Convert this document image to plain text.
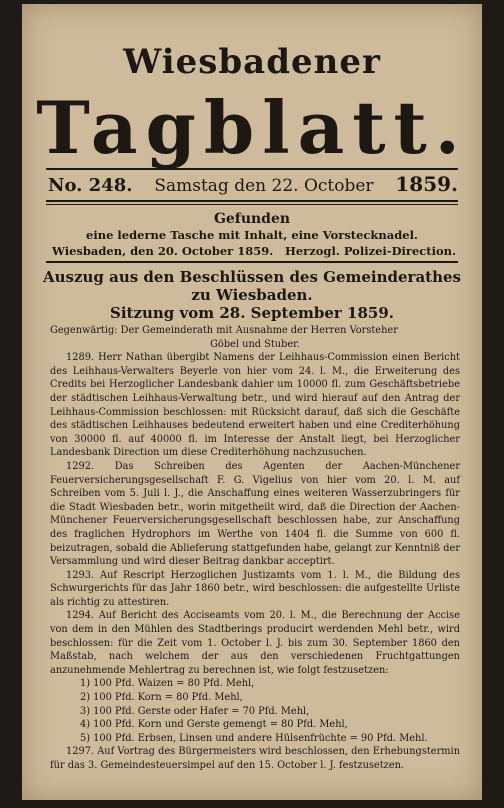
Wiesbadener
Tagblatt.
No. 248. Samstag den 22. October 1859.
Gefunden
eine lederne Tasche mit Inhalt, eine Vorstecknadel.
Wiesbaden, den 20. October 1859. Herzogl. Polizei-Direction.
Auszug aus den Beschlüssen des Gemeinderathes zu Wiesbaden.
Sitzung vom 28. September 1859.

Gegenwärtig: Der Gemeinderath mit Ausnahme der Herren Vorsteher

Göbel und Stuber.

1289. Herr Nathan übergibt Namens der Leihhaus-Commission einen Bericht des Leihhaus-Verwalters Beyerle von hier vom 24. l. M., die Erweiterung des Credits bei Herzoglicher Landesbank dahier um 10000 fl. zum Geschäftsbetriebe der städtischen Leihhaus-Verwaltung betr., und wird hierauf auf den Antrag der Leihhaus-Commission beschlossen: mit Rücksicht darauf, daß sich die Geschäfte des städtischen Leihhauses bedeutend erweitert haben und eine Crediterhöhung von 30000 fl. auf 40000 fl. im Interesse der Anstalt liegt, bei Herzoglicher Landesbank Direction um diese Crediterhöhung nachzusuchen.

1292. Das Schreiben des Agenten der Aachen-Münchener Feuerversicherungsgesellschaft F. G. Vigelius von hier vom 20. l. M. auf Schreiben vom 5. Juli l. J., die Anschaffung eines weiteren Wasserzubringers für die Stadt Wiesbaden betr., worin mitgetheilt wird, daß die Direction der Aachen-Münchener Feuerversicherungsgesellschaft beschlossen habe, zur Anschaffung des fraglichen Hydrophors im Werthe von 1404 fl. die Summe von 600 fl. beizutragen, sobald die Ablieferung stattgefunden habe, gelangt zur Kenntniß der Versammlung und wird dieser Beitrag dankbar acceptirt.

1293. Auf Rescript Herzoglichen Justizamts vom 1. l. M., die Bildung des Schwurgerichts für das Jahr 1860 betr., wird beschlossen: die aufgestellte Urliste als richtig zu attestiren.

1294. Auf Bericht des Acciseamts vom 20. l. M., die Berechnung der Accise von dem in den Mühlen des Stadtberings producirt werdenden Mehl betr., wird beschlossen: für die Zeit vom 1. October l. J. bis zum 30. September 1860 den Maßstab, nach welchem der aus den verschiedenen Fruchtgattungen anzunehmende Mehlertrag zu berechnen ist, wie folgt festzusetzen:

1) 100 Pfd. Waizen = 80 Pfd. Mehl,
2) 100 Pfd. Korn = 80 Pfd. Mehl,
3) 100 Pfd. Gerste oder Hafer = 70 Pfd. Mehl,
4) 100 Pfd. Korn und Gerste gemengt = 80 Pfd. Mehl,
5) 100 Pfd. Erbsen, Linsen und andere Hülsenfrüchte = 90 Pfd. Mehl.

1297. Auf Vortrag des Bürgermeisters wird beschlossen, den Erhebungstermin für das 3. Gemeindesteuersimpel auf den 15. October l. J. festzusetzen.
